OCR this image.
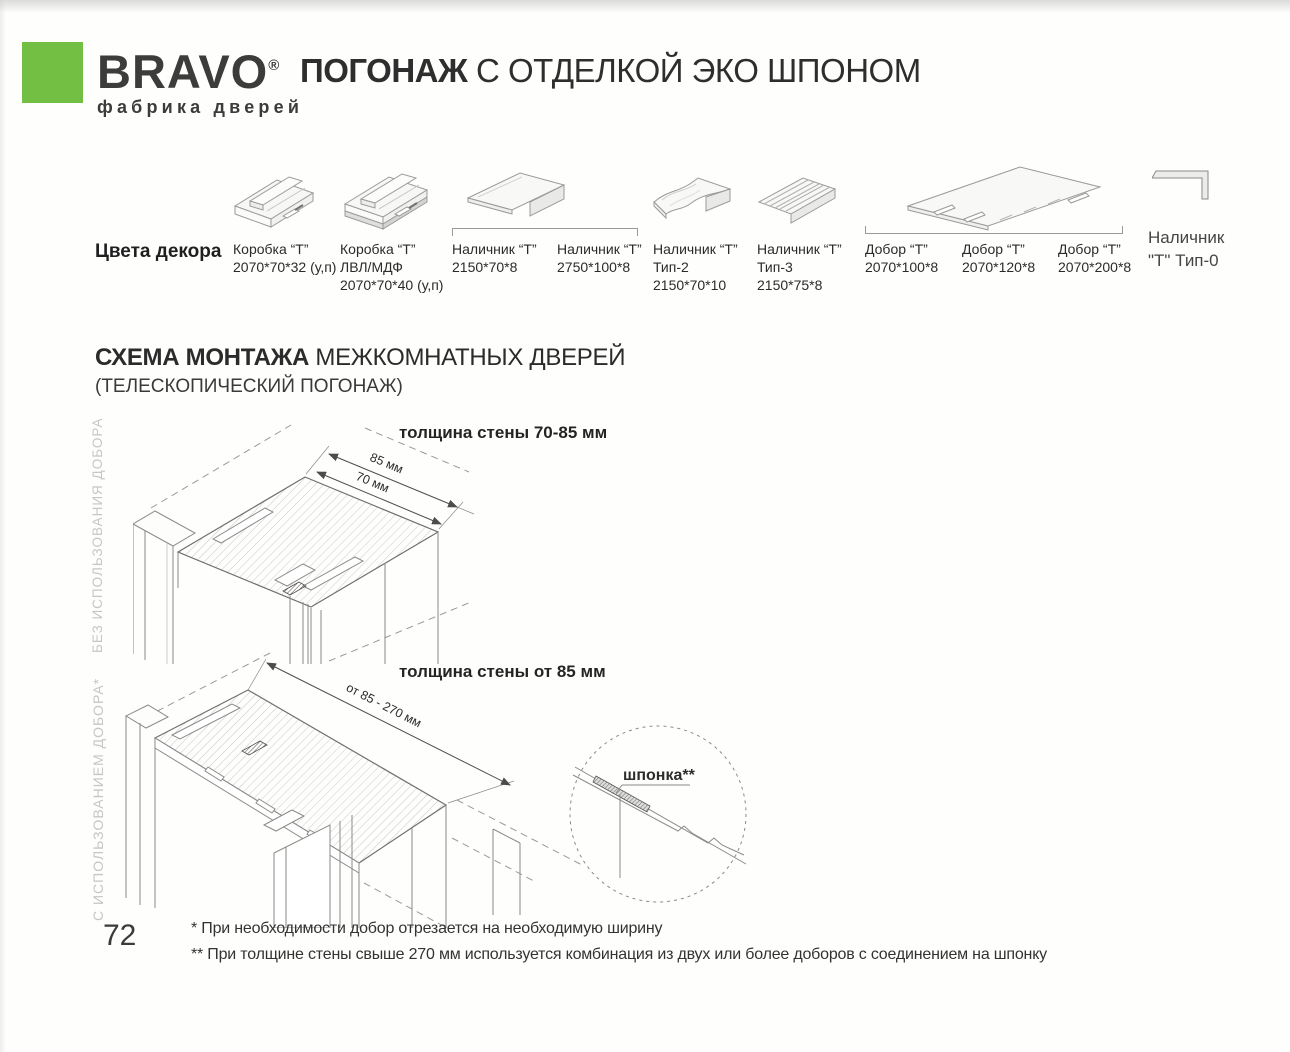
BRAVO®
фабрика дверей
ПОГОНАЖ С ОТДЕЛКОЙ ЭКО ШПОНОМ
Цвета декора Коробка “Т”
2070*70*32 (у,п)
Коробка “Т”
ЛВЛ/МДФ
2070*70*40 (у,п)
Наличник “Т”
2150*70*8
Наличник “Т”
2750*100*8
Наличник “Т”
Тип-2
2150*70*10
Наличник “Т”
Тип-3
2150*75*8
Добор “Т”
2070*100*8
Добор “Т”
2070*120*8
Добор “Т”
2070*200*8
Наличник
"Т" Тип-0
СХЕМА МОНТАЖА МЕЖКОМНАТНЫХ ДВЕРЕЙ
(ТЕЛЕСКОПИЧЕСКИЙ ПОГОНАЖ)
БЕЗ ИСПОЛЬЗОВАНИЯ ДОБОРА
С ИСПОЛЬЗОВАНИЕМ ДОБОРА*
толщина стены 70-85 мм
85 мм
70 мм
толщина стены от 85 мм
от 85 - 270 мм
шпонка**
72	* При необходимости добор отрезается на необходимую ширину
** При толщине стены свыше 270 мм используется комбинация из двух или более доборов с соединением на шпонку
